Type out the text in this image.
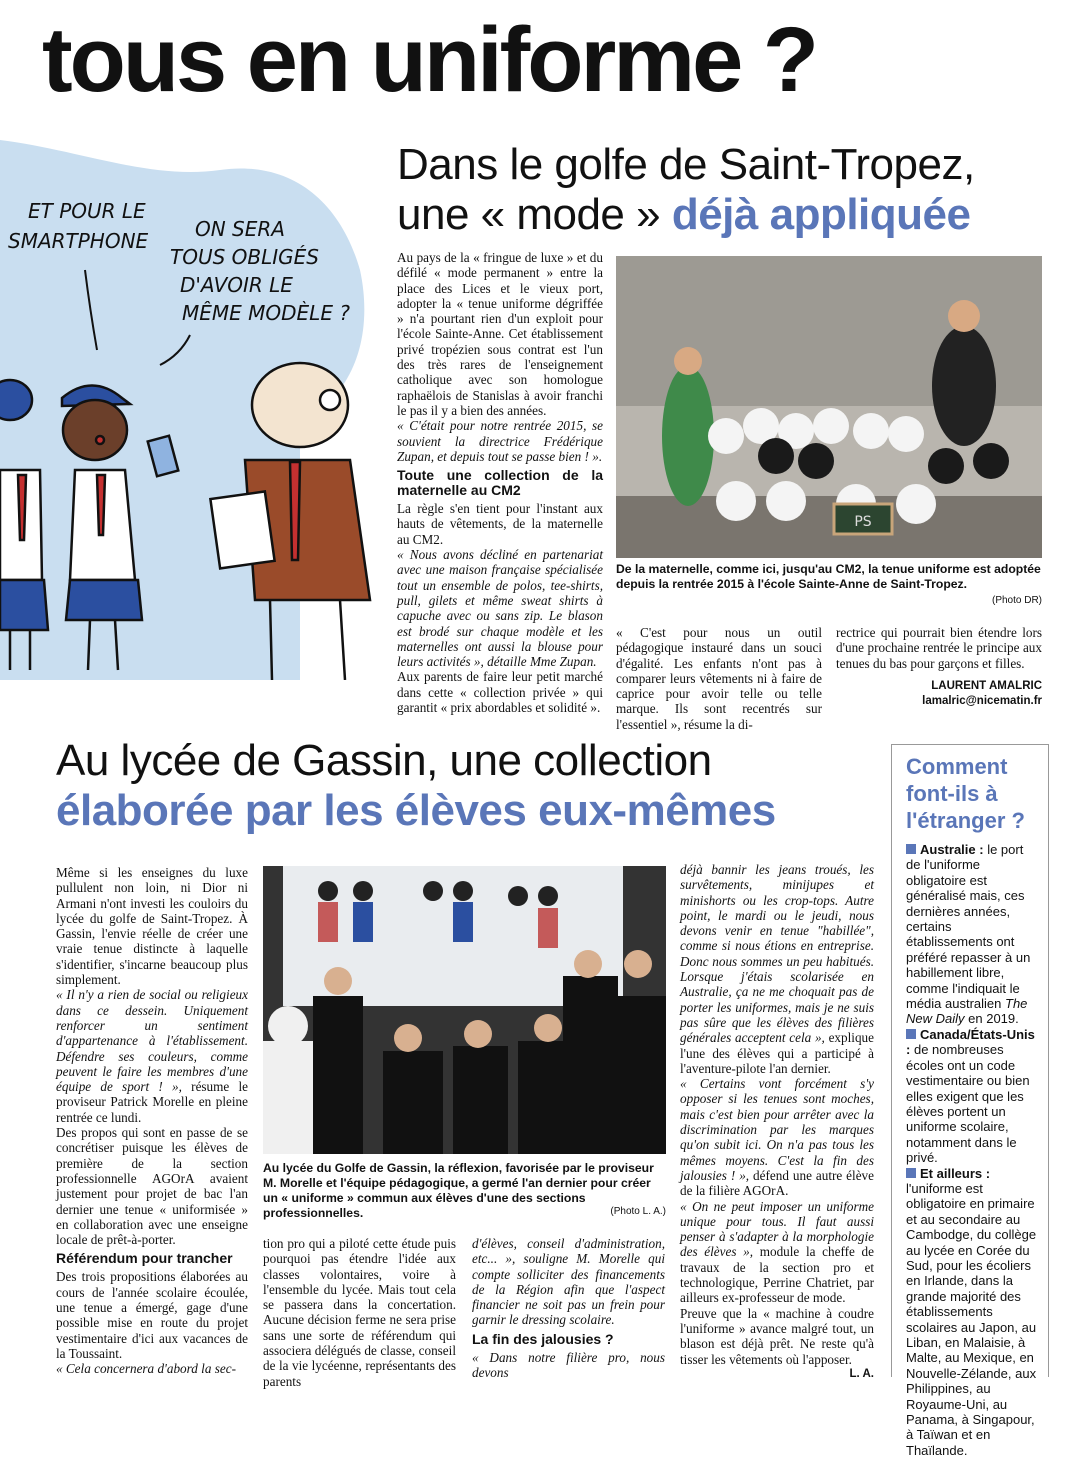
tous en uniforme ?
ET POUR LE
SMARTPHONE ON SERA
TOUS OBLIGÉS
D'AVOIR LE
MÊME MODÈLE ?
Dans le golfe de Saint-Tropez,
une « mode » déjà appliquée

Au pays de la « fringue de luxe » et du défilé « mode permanent » entre la place des Lices et le vieux port, adopter la « tenue uniforme dégriffée » n'a pourtant rien d'un exploit pour l'école Sainte-Anne. Cet établissement privé tropézien sous contrat est l'un des très rares de l'enseignement catholique avec son homologue raphaëlois de Stanislas à avoir franchi le pas il y a bien des années.

« C'était pour notre rentrée 2015, se souvient la directrice Frédérique Zupan, et depuis tout se passe bien ! ».

Toute une collection de la maternelle au CM2

La règle s'en tient pour l'instant aux hauts de vêtements, de la maternelle au CM2.

« Nous avons décliné en partenariat avec une maison française spécialisée tout un ensemble de polos, tee-shirts, pull, gilets et même sweat shirts à capuche avec ou sans zip. Le blason est brodé sur chaque modèle et les maternelles ont aussi la blouse pour leurs activités », détaille Mme Zupan.

Aux parents de faire leur petit marché dans cette « collection privée » qui garantit « prix abordables et solidité ».

PS
De la maternelle, comme ici, jusqu'au CM2, la tenue uniforme est adoptée depuis la rentrée 2015 à l'école Sainte-Anne de Saint-Tropez.
(Photo DR)
« C'est pour nous un outil pédagogique instauré dans un souci d'égalité. Les enfants n'ont pas à comparer leurs vêtements ni à faire de caprice pour avoir telle ou telle marque. Ils sont recentrés sur l'essentiel », résume la di-

rectrice qui pourrait bien étendre lors d'une prochaine rentrée le principe aux tenues du bas pour garçons et filles.

LAURENT AMALRIC
lamalric@nicematin.fr
Au lycée de Gassin, une collection
élaborée par les élèves eux-mêmes

Même si les enseignes du luxe pullulent non loin, ni Dior ni Armani n'ont investi les couloirs du lycée du golfe de Saint-Tropez. À Gassin, l'envie réelle de créer une vraie tenue distincte à laquelle s'identifier, s'incarne beaucoup plus simplement.

« Il n'y a rien de social ou religieux dans ce dessein. Uniquement renforcer un sentiment d'appartenance à l'établissement. Défendre ses couleurs, comme peuvent le faire les membres d'une équipe de sport ! », résume le proviseur Patrick Morelle en pleine rentrée ce lundi.

Des propos qui sont en passe de se concrétiser puisque les élèves de première de la section professionnelle AGOrA avaient justement pour projet de bac l'an dernier une tenue « uniformisée » en collaboration avec une enseigne locale de prêt-à-porter.

Référendum pour trancher

Des trois propositions élaborées au cours de l'année scolaire écoulée, une tenue a émergé, gage d'une possible mise en route du projet vestimentaire d'ici aux vacances de la Toussaint.

« Cela concernera d'abord la sec-

Au lycée du Golfe de Gassin, la réflexion, favorisée par le proviseur M. Morelle et l'équipe pédagogique, a germé l'an dernier pour créer un « uniforme » commun aux élèves d'une des sections professionnelles.	(Photo L. A.)
tion pro qui a piloté cette étude puis pourquoi pas étendre l'idée aux classes volontaires, voire à l'ensemble du lycée. Mais tout cela se passera dans la concertation. Aucune décision ferme ne sera prise sans une sorte de référendum qui associera délégués de classe, conseil de la vie lycéenne, représentants des parents

d'élèves, conseil d'administration, etc... », souligne M. Morelle qui compte solliciter des financements de la Région afin que l'aspect financier ne soit pas un frein pour garnir le dressing scolaire.

La fin des jalousies ?

« Dans notre filière pro, nous devons

déjà bannir les jeans troués, les survêtements, minijupes et minishorts ou les crop-tops. Autre point, le mardi ou le jeudi, nous devons venir en tenue "habillée", comme si nous étions en entreprise. Donc nous sommes un peu habitués. Lorsque j'étais scolarisée en Australie, ça ne me choquait pas de porter les uniformes, mais je ne suis pas sûre que les élèves des filières générales acceptent cela », explique l'une des élèves qui a participé à l'aventure-pilote l'an dernier.

« Certains vont forcément s'y opposer si les tenues sont moches, mais c'est bien pour arrêter avec la discrimination par les marques qu'on subit ici. On n'a pas tous les mêmes moyens. C'est la fin des jalousies ! », défend une autre élève de la filière AGOrA.

« On ne peut imposer un uniforme unique pour tous. Il faut aussi penser à s'adapter à la morphologie des élèves », module la cheffe de travaux de la section pro et technologique, Perrine Chatriet, par ailleurs ex-professeur de mode.

Preuve que la « machine à coudre l'uniforme » avance malgré tout, un blason est déjà prêt. Ne reste qu'à tisser les vêtements où l'apposer.

L. A.
Comment font-ils à l'étranger ?
Australie : le port de l'uniforme obligatoire est généralisé mais, ces dernières années, certains établissements ont préféré repasser à un habillement libre, comme l'indiquait le média australien The New Daily en 2019.
Canada/États-Unis : de nombreuses écoles ont un code vestimentaire ou bien elles exigent que les élèves portent un uniforme scolaire, notamment dans le privé.
Et ailleurs : l'uniforme est obligatoire en primaire et au secondaire au Cambodge, du collège au lycée en Corée du Sud, pour les écoliers en Irlande, dans la grande majorité des établissements scolaires au Japon, au Liban, en Malaisie, à Malte, au Mexique, en Nouvelle-Zélande, aux Philippines, au Royaume-Uni, au Panama, à Singapour, à Taïwan et en Thaïlande.
